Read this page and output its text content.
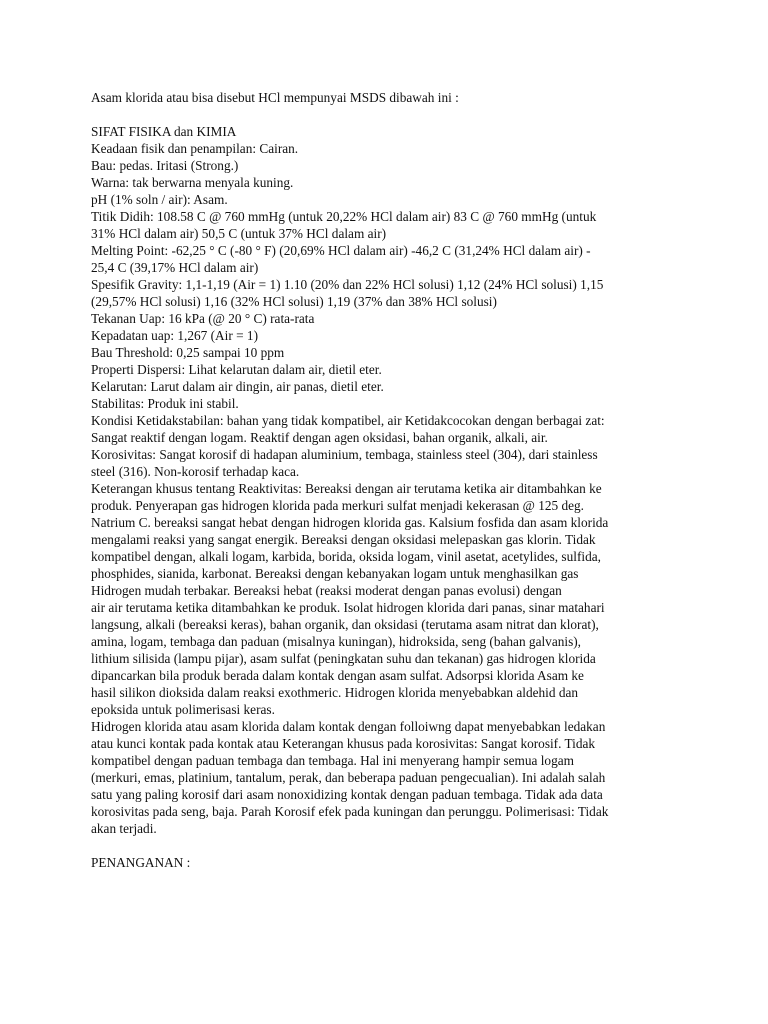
Asam klorida atau bisa disebut HCl mempunyai MSDS dibawah ini :
SIFAT FISIKA dan KIMIA
Keadaan fisik dan penampilan: Cairan.
Bau: pedas. Iritasi (Strong.)
Warna: tak berwarna menyala kuning.
pH (1% soln / air): Asam.
Titik Didih: 108.58 C @ 760 mmHg (untuk 20,22% HCl dalam air) 83 C @ 760 mmHg (untuk
31% HCl dalam air) 50,5 C (untuk 37% HCl dalam air)
Melting Point: -62,25 ° C (-80 ° F) (20,69% HCl dalam air) -46,2 C (31,24% HCl dalam air) -
25,4 C (39,17% HCl dalam air)
Spesifik Gravity: 1,1-1,19 (Air = 1) 1.10 (20% dan 22% HCl solusi) 1,12 (24% HCl solusi) 1,15
(29,57% HCl solusi) 1,16 (32% HCl solusi) 1,19 (37% dan 38% HCl solusi)
Tekanan Uap: 16 kPa (@ 20 ° C) rata-rata
Kepadatan uap: 1,267 (Air = 1)
Bau Threshold: 0,25 sampai 10 ppm
Properti Dispersi: Lihat kelarutan dalam air, dietil eter.
Kelarutan: Larut dalam air dingin, air panas, dietil eter.
Stabilitas: Produk ini stabil.
Kondisi Ketidakstabilan: bahan yang tidak kompatibel, air Ketidakcocokan dengan berbagai zat:
Sangat reaktif dengan logam. Reaktif dengan agen oksidasi, bahan organik, alkali, air.
Korosivitas: Sangat korosif di hadapan aluminium, tembaga, stainless steel (304), dari stainless
steel (316). Non-korosif terhadap kaca.
Keterangan khusus tentang Reaktivitas: Bereaksi dengan air terutama ketika air ditambahkan ke
produk. Penyerapan gas hidrogen klorida pada merkuri sulfat menjadi kekerasan @ 125 deg.
Natrium C. bereaksi sangat hebat dengan hidrogen klorida gas. Kalsium fosfida dan asam klorida
mengalami reaksi yang sangat energik. Bereaksi dengan oksidasi melepaskan gas klorin. Tidak
kompatibel dengan, alkali logam, karbida, borida, oksida logam, vinil asetat, acetylides, sulfida,
phosphides, sianida, karbonat. Bereaksi dengan kebanyakan logam untuk menghasilkan gas
Hidrogen mudah terbakar. Bereaksi hebat (reaksi moderat dengan panas evolusi) dengan
air air terutama ketika ditambahkan ke produk. Isolat hidrogen klorida dari panas, sinar matahari
langsung, alkali (bereaksi keras), bahan organik, dan oksidasi (terutama asam nitrat dan klorat),
amina, logam, tembaga dan paduan (misalnya kuningan), hidroksida, seng (bahan galvanis),
lithium silisida (lampu pijar), asam sulfat (peningkatan suhu dan tekanan) gas hidrogen klorida
dipancarkan bila produk berada dalam kontak dengan asam sulfat. Adsorpsi klorida Asam ke
hasil silikon dioksida dalam reaksi exothmeric. Hidrogen klorida menyebabkan aldehid dan
epoksida untuk polimerisasi keras.
Hidrogen klorida atau asam klorida dalam kontak dengan folloiwng dapat menyebabkan ledakan
atau kunci kontak pada kontak atau Keterangan khusus pada korosivitas: Sangat korosif. Tidak
kompatibel dengan paduan tembaga dan tembaga. Hal ini menyerang hampir semua logam
(merkuri, emas, platinium, tantalum, perak, dan beberapa paduan pengecualian). Ini adalah salah
satu yang paling korosif dari asam nonoxidizing kontak dengan paduan tembaga. Tidak ada data
korosivitas pada seng, baja. Parah Korosif efek pada kuningan dan perunggu. Polimerisasi: Tidak
akan terjadi.
PENANGANAN :
